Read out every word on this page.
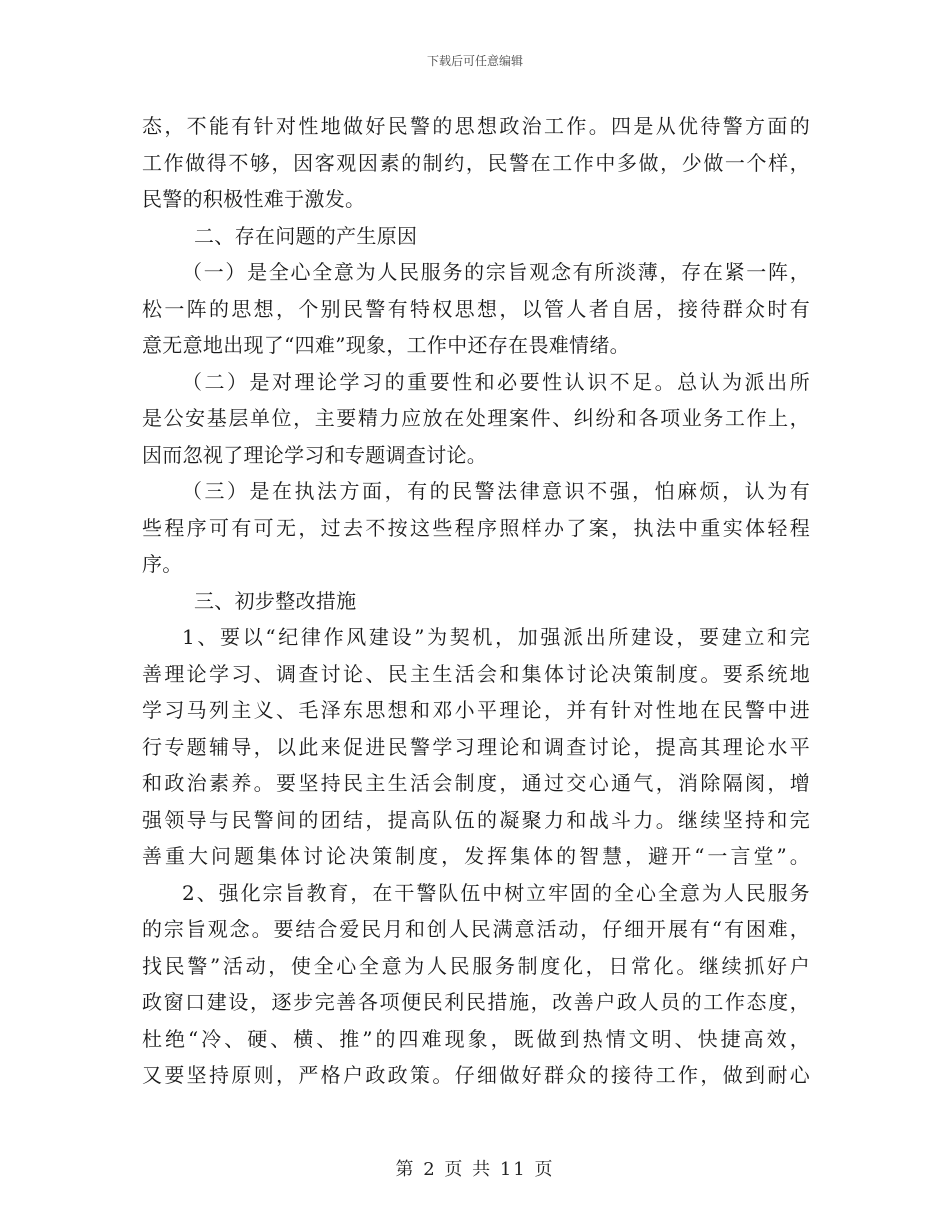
下载后可任意编辑
态，不能有针对性地做好民警的思想政治工作。四是从优待警方面的
工作做得不够，因客观因素的制约，民警在工作中多做，少做一个样，
民警的积极性难于激发。
二、存在问题的产生原因
（一）是全心全意为人民服务的宗旨观念有所淡薄，存在紧一阵，
松一阵的思想，个别民警有特权思想，以管人者自居，接待群众时有
意无意地出现了“四难”现象，工作中还存在畏难情绪。
（二）是对理论学习的重要性和必要性认识不足。总认为派出所
是公安基层单位，主要精力应放在处理案件、纠纷和各项业务工作上，
因而忽视了理论学习和专题调查讨论。
（三）是在执法方面，有的民警法律意识不强，怕麻烦，认为有
些程序可有可无，过去不按这些程序照样办了案，执法中重实体轻程
序。
三、初步整改措施
1、要以“纪律作风建设”为契机，加强派出所建设，要建立和完
善理论学习、调查讨论、民主生活会和集体讨论决策制度。要系统地
学习马列主义、毛泽东思想和邓小平理论，并有针对性地在民警中进
行专题辅导，以此来促进民警学习理论和调查讨论，提高其理论水平
和政治素养。要坚持民主生活会制度，通过交心通气，消除隔阂，增
强领导与民警间的团结，提高队伍的凝聚力和战斗力。继续坚持和完
善重大问题集体讨论决策制度，发挥集体的智慧，避开“一言堂”。
2、强化宗旨教育，在干警队伍中树立牢固的全心全意为人民服务
的宗旨观念。要结合爱民月和创人民满意活动，仔细开展有“有困难，
找民警”活动，使全心全意为人民服务制度化，日常化。继续抓好户
政窗口建设，逐步完善各项便民利民措施，改善户政人员的工作态度，
杜绝“冷、硬、横、推”的四难现象，既做到热情文明、快捷高效，
又要坚持原则，严格户政政策。仔细做好群众的接待工作，做到耐心
第 2 页 共 11 页
